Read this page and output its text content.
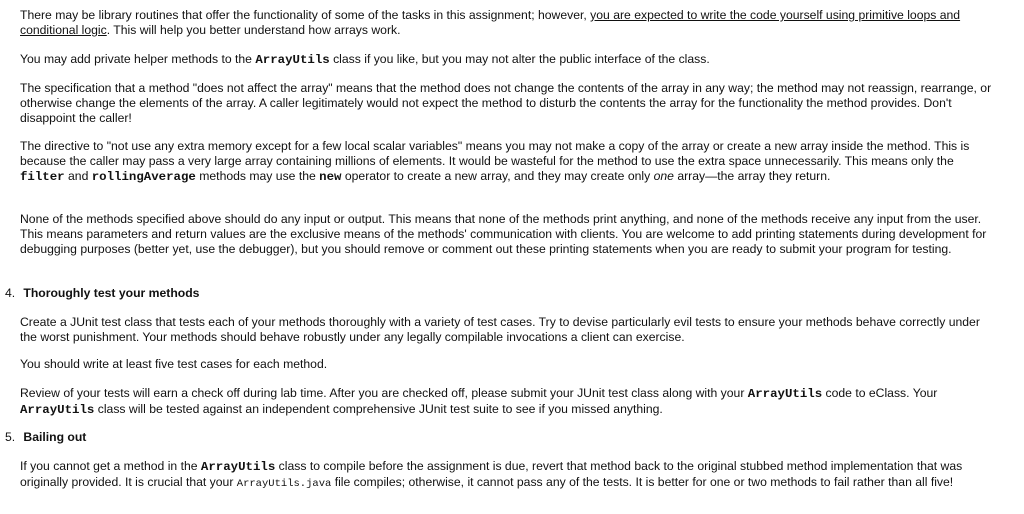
There may be library routines that offer the functionality of some of the tasks in this assignment; however, you are expected to write the code yourself using primitive loops and conditional logic. This will help you better understand how arrays work.

You may add private helper methods to the ArrayUtils class if you like, but you may not alter the public interface of the class.

The specification that a method "does not affect the array" means that the method does not change the contents of the array in any way; the method may not reassign, rearrange, or otherwise change the elements of the array. A caller legitimately would not expect the method to disturb the contents the array for the functionality the method provides. Don't disappoint the caller!

The directive to "not use any extra memory except for a few local scalar variables" means you may not make a copy of the array or create a new array inside the method. This is because the caller may pass a very large array containing millions of elements. It would be wasteful for the method to use the extra space unnecessarily. This means only the filter and rollingAverage methods may use the new operator to create a new array, and they may create only one array—the array they return.

None of the methods specified above should do any input or output. This means that none of the methods print anything, and none of the methods receive any input from the user. This means parameters and return values are the exclusive means of the methods' communication with clients. You are welcome to add printing statements during development for debugging purposes (better yet, use the debugger), but you should remove or comment out these printing statements when you are ready to submit your program for testing.

4. Thoroughly test your methods

Create a JUnit test class that tests each of your methods thoroughly with a variety of test cases. Try to devise particularly evil tests to ensure your methods behave correctly under the worst punishment. Your methods should behave robustly under any legally compilable invocations a client can exercise.

You should write at least five test cases for each method.

Review of your tests will earn a check off during lab time. After you are checked off, please submit your JUnit test class along with your ArrayUtils code to eClass. Your ArrayUtils class will be tested against an independent comprehensive JUnit test suite to see if you missed anything.

5. Bailing out

If you cannot get a method in the ArrayUtils class to compile before the assignment is due, revert that method back to the original stubbed method implementation that was originally provided. It is crucial that your ArrayUtils.java file compiles; otherwise, it cannot pass any of the tests. It is better for one or two methods to fail rather than all five!
